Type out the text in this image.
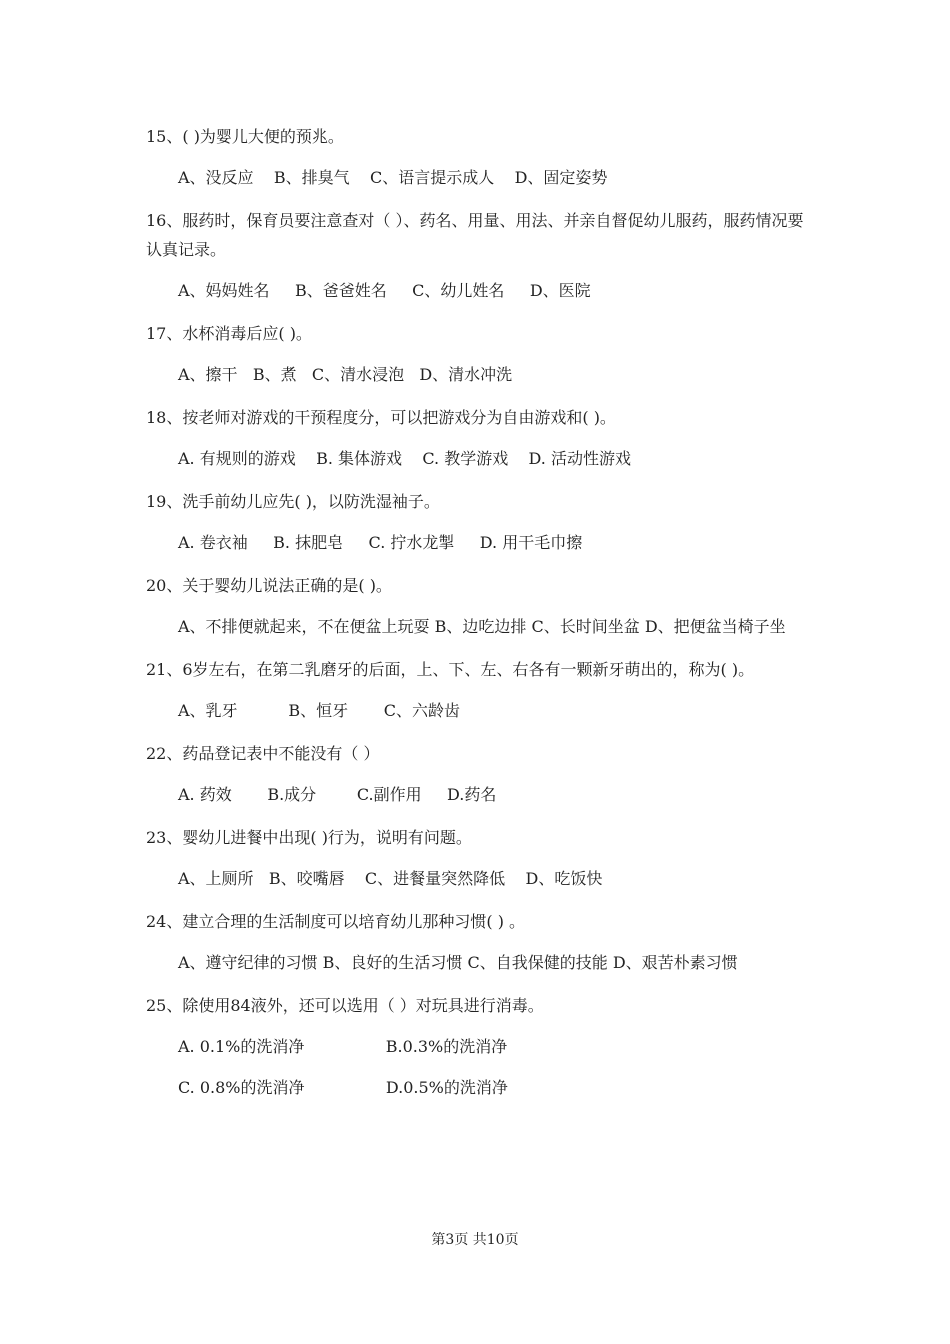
15、( )为婴儿大便的预兆。

A、没反应    B、排臭气    C、语言提示成人    D、固定姿势

16、服药时，保育员要注意查对（ ）、药名、用量、用法、并亲自督促幼儿服药，服药情况要认真记录。

A、妈妈姓名     B、爸爸姓名     C、幼儿姓名     D、医院

17、水杯消毒后应( )。

A、擦干   B、煮   C、清水浸泡   D、清水冲洗

18、按老师对游戏的干预程度分，可以把游戏分为自由游戏和( )。

A. 有规则的游戏    B. 集体游戏    C. 教学游戏    D. 活动性游戏

19、洗手前幼儿应先( )，以防洗湿袖子。

A. 卷衣袖     B. 抹肥皂     C. 拧水龙掣     D. 用干毛巾擦

20、关于婴幼儿说法正确的是( )。

A、不排便就起来，不在便盆上玩耍 B、边吃边排 C、长时间坐盆 D、把便盆当椅子坐

21、6岁左右，在第二乳磨牙的后面，上、下、左、右各有一颗新牙萌出的，称为( )。

A、乳牙          B、恒牙       C、六龄齿

22、药品登记表中不能没有（ ）

A. 药效       B.成分        C.副作用     D.药名

23、婴幼儿进餐中出现( )行为，说明有问题。

A、上厕所   B、咬嘴唇    C、进餐量突然降低    D、吃饭快

24、建立合理的生活制度可以培育幼儿那种习惯( ) 。

A、遵守纪律的习惯 B、良好的生活习惯 C、自我保健的技能 D、艰苦朴素习惯

25、除使用84液外，还可以选用（ ）对玩具进行消毒。

A. 0.1%的洗消净                B.0.3%的洗消净

C. 0.8%的洗消净                D.0.5%的洗消净

第3页 共10页
